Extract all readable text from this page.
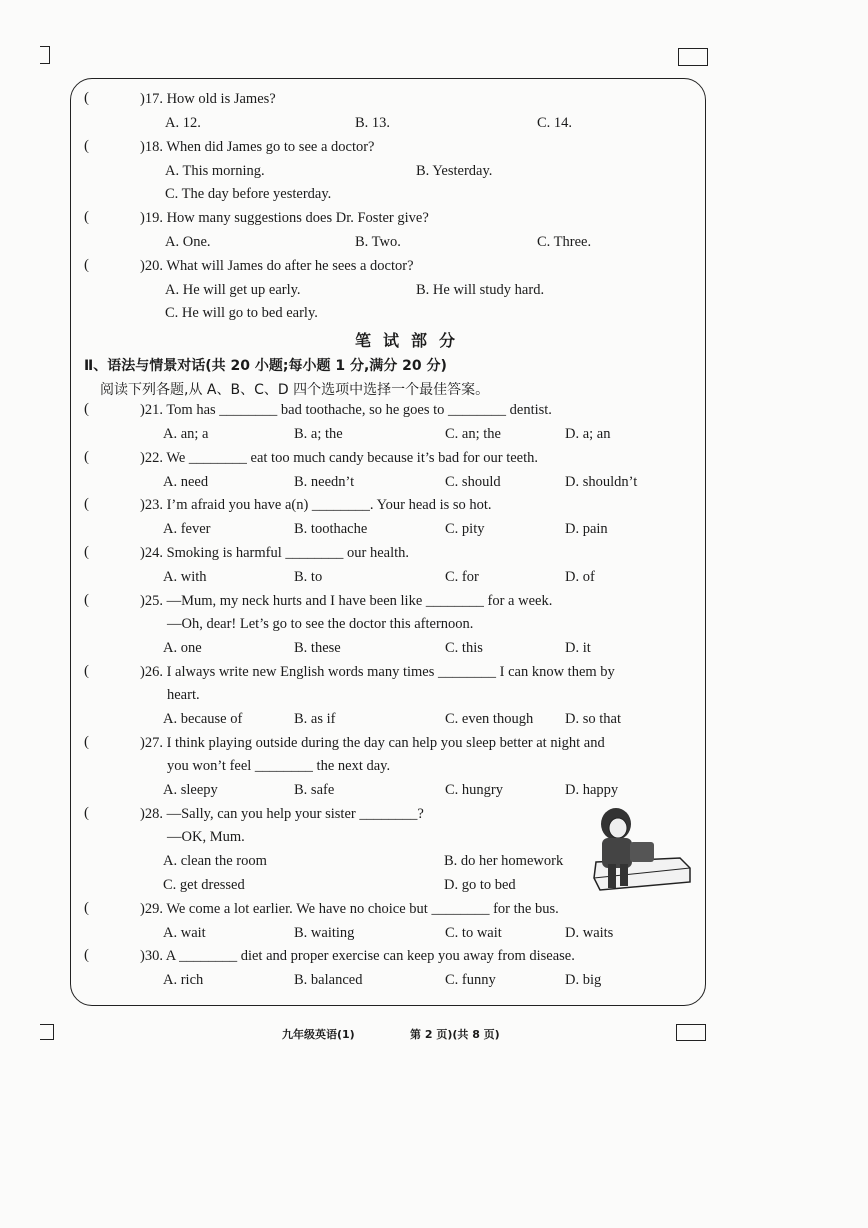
(	)17. How old is James?
A. 12.	B. 13.	C. 14.
(	)18. When did James go to see a doctor?
A. This morning.	B. Yesterday.
C. The day before yesterday.
(	)19. How many suggestions does Dr. Foster give?
A. One.	B. Two.	C. Three.
(	)20. What will James do after he sees a doctor?
A. He will get up early.	B. He will study hard.
C. He will go to bed early.
笔试部分
Ⅱ、语法与情景对话(共 20 小题;每小题 1 分,满分 20 分)
阅读下列各题,从 A、B、C、D 四个选项中选择一个最佳答案。
(	)21. Tom has ________ bad toothache, so he goes to ________ dentist.
A. an; a	B. a; the	C. an; the	D. a; an
(	)22. We ________ eat too much candy because it’s bad for our teeth.
A. need	B. needn’t	C. should	D. shouldn’t
(	)23. I’m afraid you have a(n) ________. Your head is so hot.
A. fever	B. toothache	C. pity	D. pain
(	)24. Smoking is harmful ________ our health.
A. with	B. to	C. for	D. of
(	)25. —Mum, my neck hurts and I have been like ________ for a week.
—Oh, dear! Let’s go to see the doctor this afternoon.
A. one	B. these	C. this	D. it
(	)26. I always write new English words many times ________ I can know them by
heart.
A. because of	B. as if	C. even though D. so that
(	)27. I think playing outside during the day can help you sleep better at night and
you won’t feel ________ the next day.
A. sleepy	B. safe	C. hungry	D. happy
(	)28. —Sally, can you help your sister ________?
—OK, Mum.
A. clean the room	B. do her homework
C. get dressed	D. go to bed
(	)29. We come a lot earlier. We have no choice but ________ for the bus.
A. wait	B. waiting	C. to wait	D. waits
(	)30. A ________ diet and proper exercise can keep you away from disease.
A. rich	B. balanced	C. funny	D. big
九年级英语(1)	第 2 页)(共 8 页)
